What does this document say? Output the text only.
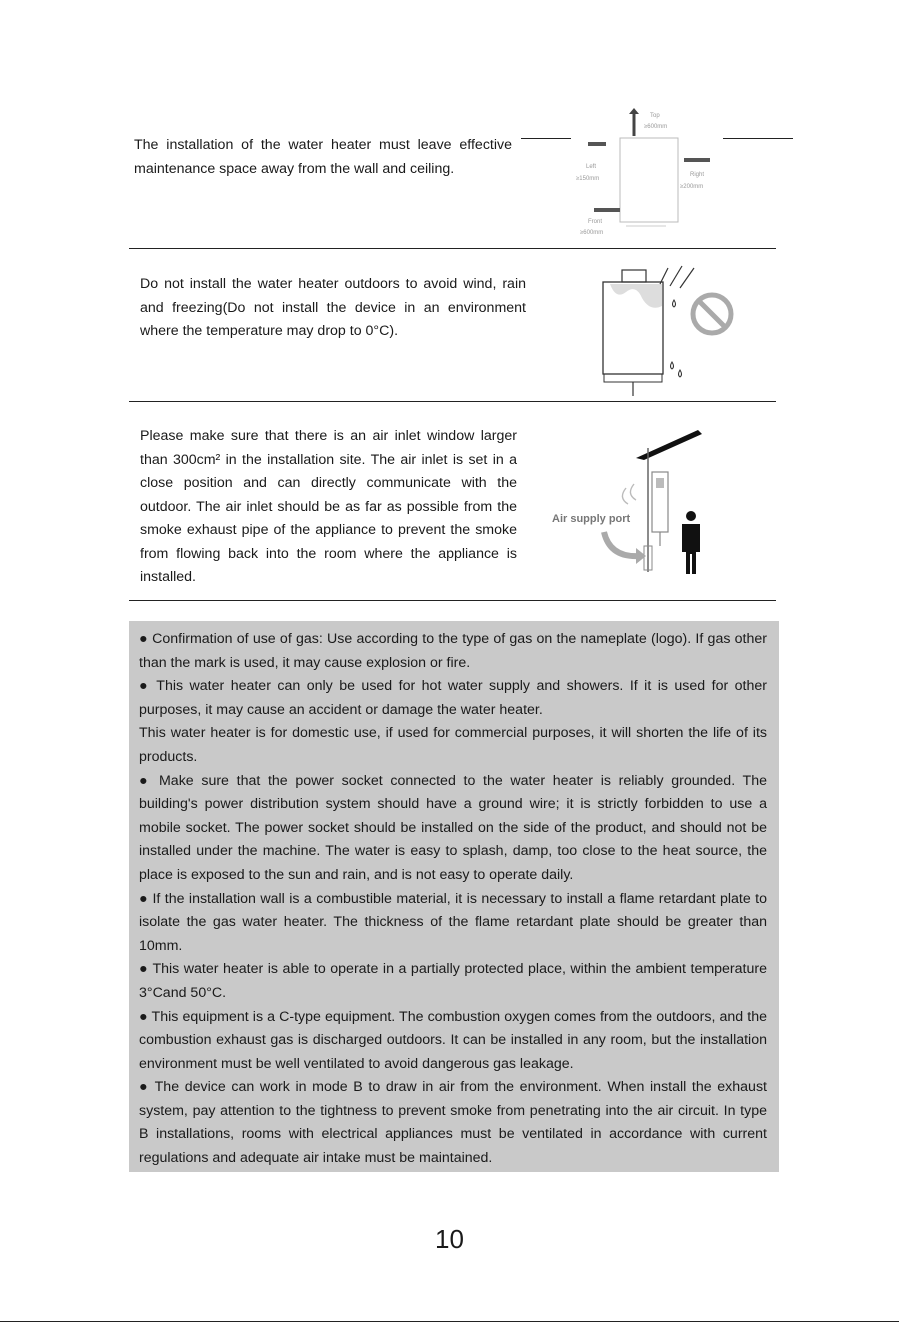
The installation of the water heater must leave effective maintenance space away from the wall and ceiling.

Top
≥600mm
Left
≥150mm
Right
≥200mm
Front
≥600mm

Do not install the water heater outdoors to avoid wind, rain and freezing(Do not install the device in an environment where the temperature may drop to 0°C).

Please make sure that there is an air inlet window larger than 300cm² in the installation site. The air inlet is set in a close position and can directly communicate with the outdoor. The air inlet should be as far as possible from the smoke exhaust pipe of the appliance to prevent the smoke from flowing back into the room where the appliance is installed.

Air supply port

● Confirmation of use of gas: Use according to the type of gas on the nameplate (logo). If gas other than the mark is used, it may cause explosion or fire.

● This water heater can only be used for hot water supply and showers. If it is used for other purposes, it may cause an accident or damage the water heater.

This water heater is for domestic use, if used for commercial purposes, it will shorten the life of its products.

● Make sure that the power socket connected to the water heater is reliably grounded. The building's power distribution system should have a ground wire; it is strictly forbidden to use a mobile socket. The power socket should be installed on the side of the product, and should not be installed under the machine. The water is easy to splash, damp, too close to the heat source, the place is exposed to the sun and rain, and is not easy to operate daily.

● If the installation wall is a combustible material, it is necessary to install a flame retardant plate to isolate the gas water heater. The thickness of the flame retardant plate should be greater than 10mm.

● This water heater is able to operate in a partially protected place, within the ambient temperature 3°Cand 50°C.

● This equipment is a C-type equipment. The combustion oxygen comes from the outdoors, and the combustion exhaust gas is discharged outdoors. It can be installed in any room, but the installation environment must be well ventilated to avoid dangerous gas leakage.

● The device can work in mode B to draw in air from the environment. When install the exhaust system, pay attention to the tightness to prevent smoke from penetrating into the air circuit. In type B installations, rooms with electrical appliances must be ventilated in accordance with current regulations and adequate air intake must be maintained.

10
